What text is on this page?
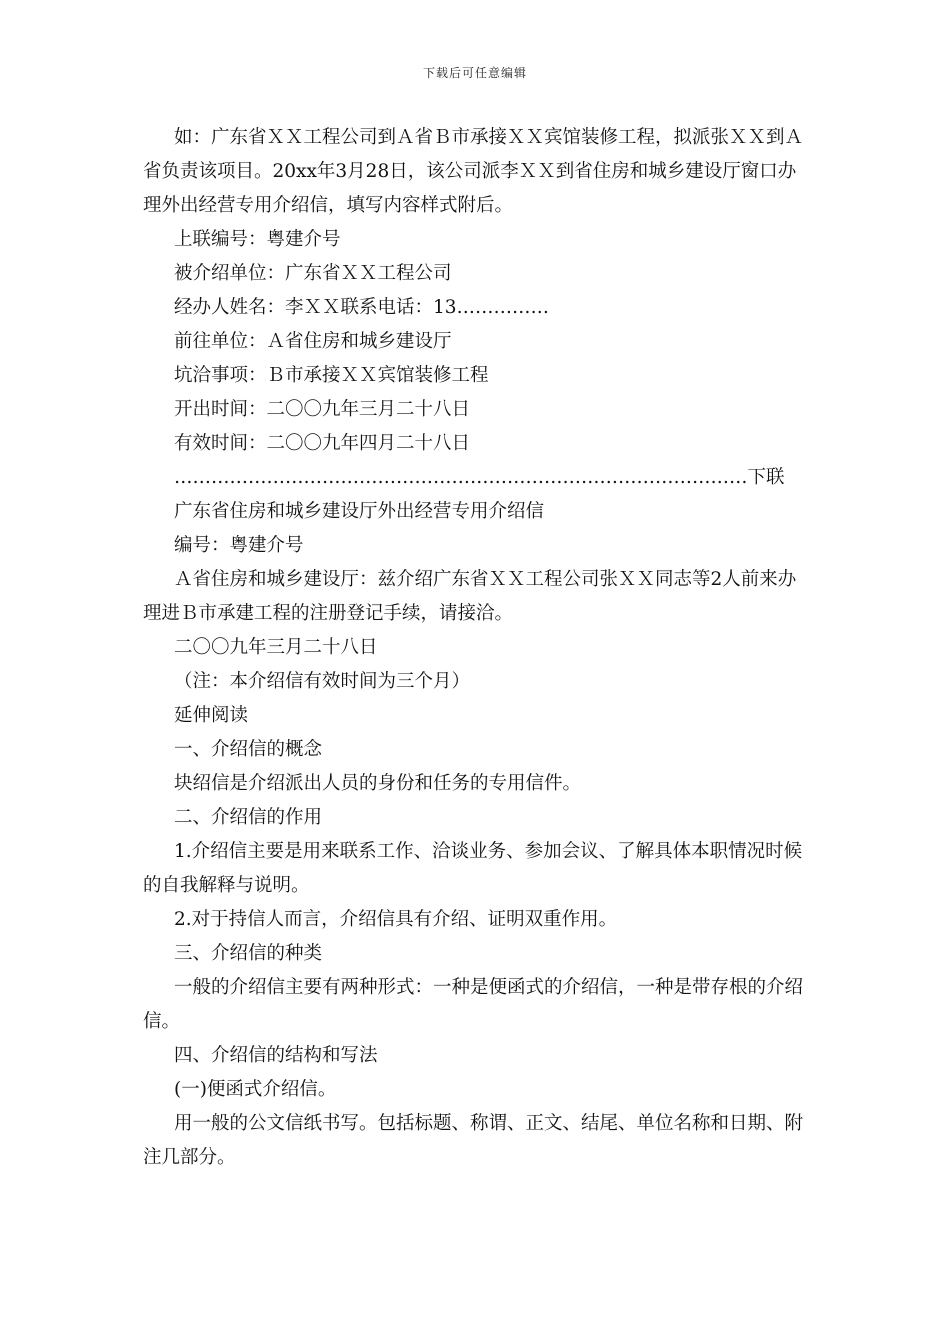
下载后可任意编辑

如：广东省ＸＸ工程公司到Ａ省Ｂ市承接ＸＸ宾馆装修工程，拟派张ＸＸ到Ａ省负责该项目。20xx年3月28日，该公司派李ＸＸ到省住房和城乡建设厅窗口办理外出经营专用介绍信，填写内容样式附后。

上联编号：粤建介号

被介绍单位：广东省ＸＸ工程公司

经办人姓名：李ＸＸ联系电话：13……………

前往单位：Ａ省住房和城乡建设厅

坑洽事项：Ｂ市承接ＸＸ宾馆装修工程

开出时间：二〇〇九年三月二十八日

有效时间：二〇〇九年四月二十八日

…………………………………………………………………………………下联

广东省住房和城乡建设厅外出经营专用介绍信

编号：粤建介号

Ａ省住房和城乡建设厅：兹介绍广东省ＸＸ工程公司张ＸＸ同志等2人前来办理进Ｂ市承建工程的注册登记手续，请接洽。

二〇〇九年三月二十八日

（注：本介绍信有效时间为三个月）

延伸阅读

一、介绍信的概念

块绍信是介绍派出人员的身份和任务的专用信件。

二、介绍信的作用

1.介绍信主要是用来联系工作、洽谈业务、参加会议、了解具体本职情况时候的自我解释与说明。

2.对于持信人而言，介绍信具有介绍、证明双重作用。

三、介绍信的种类

一般的介绍信主要有两种形式：一种是便函式的介绍信，一种是带存根的介绍信。

四、介绍信的结构和写法

(一)便函式介绍信。

用一般的公文信纸书写。包括标题、称谓、正文、结尾、单位名称和日期、附注几部分。
